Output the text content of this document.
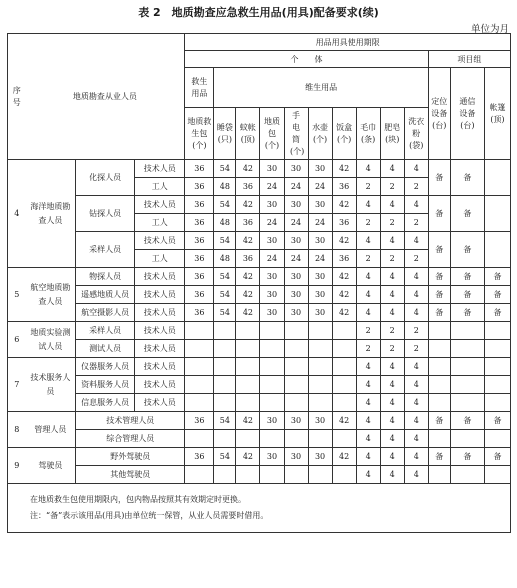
表 2　地质勘查应急救生用品(用具)配备要求(续)
单位为月
序号	地质勘查从业人员			用品用具使用期限												
				个　　体										项目组		
				救生用品	维生用品									定位设备(台)	通信设备(台)	帐篷(顶)
				地质救生包(个)	睡袋(只)	蚊帐(顶)	地质包(个)	手电筒(个)	水壶(个)	饭盒(个)	毛巾(条)	肥皂(块)	洗衣粉(袋)			
4	海洋地质勘查人员	化探人员	技术人员	36	54	42	30	30	30	42	4	4	4	备	备	
			工人	36	48	36	24	24	24	36	2	2	2			
		钻探人员	技术人员	36	54	42	30	30	30	42	4	4	4	备	备	
			工人	36	48	36	24	24	24	36	2	2	2			
		采样人员	技术人员	36	54	42	30	30	30	42	4	4	4	备	备	
			工人	36	48	36	24	24	24	36	2	2	2			
5	航空地质勘查人员	物探人员	技术人员	36	54	42	30	30	30	42	4	4	4	备	备	备
		遥感地质人员	技术人员	36	54	42	30	30	30	42	4	4	4	备	备	备
		航空摄影人员	技术人员	36	54	42	30	30	30	42	4	4	4	备	备	备
6	地质实验测试人员	采样人员	技术人员								2	2	2			
		测试人员	技术人员								2	2	2			
7	技术服务人员	仪器服务人员	技术人员								4	4	4			
		资料服务人员	技术人员								4	4	4			
		信息服务人员	技术人员								4	4	4			
8	管理人员	技术管理人员		36	54	42	30	30	30	42	4	4	4	备	备	备
		综合管理人员									4	4	4			
9	驾驶员	野外驾驶员		36	54	42	30	30	30	42	4	4	4	备	备	备
		其他驾驶员									4	4	4			

在地质救生包使用期限内，包内物品按照其有效期定时更换。
注：“备”表示该用品(用具)由单位统一保管，从业人员需要时借用。																
